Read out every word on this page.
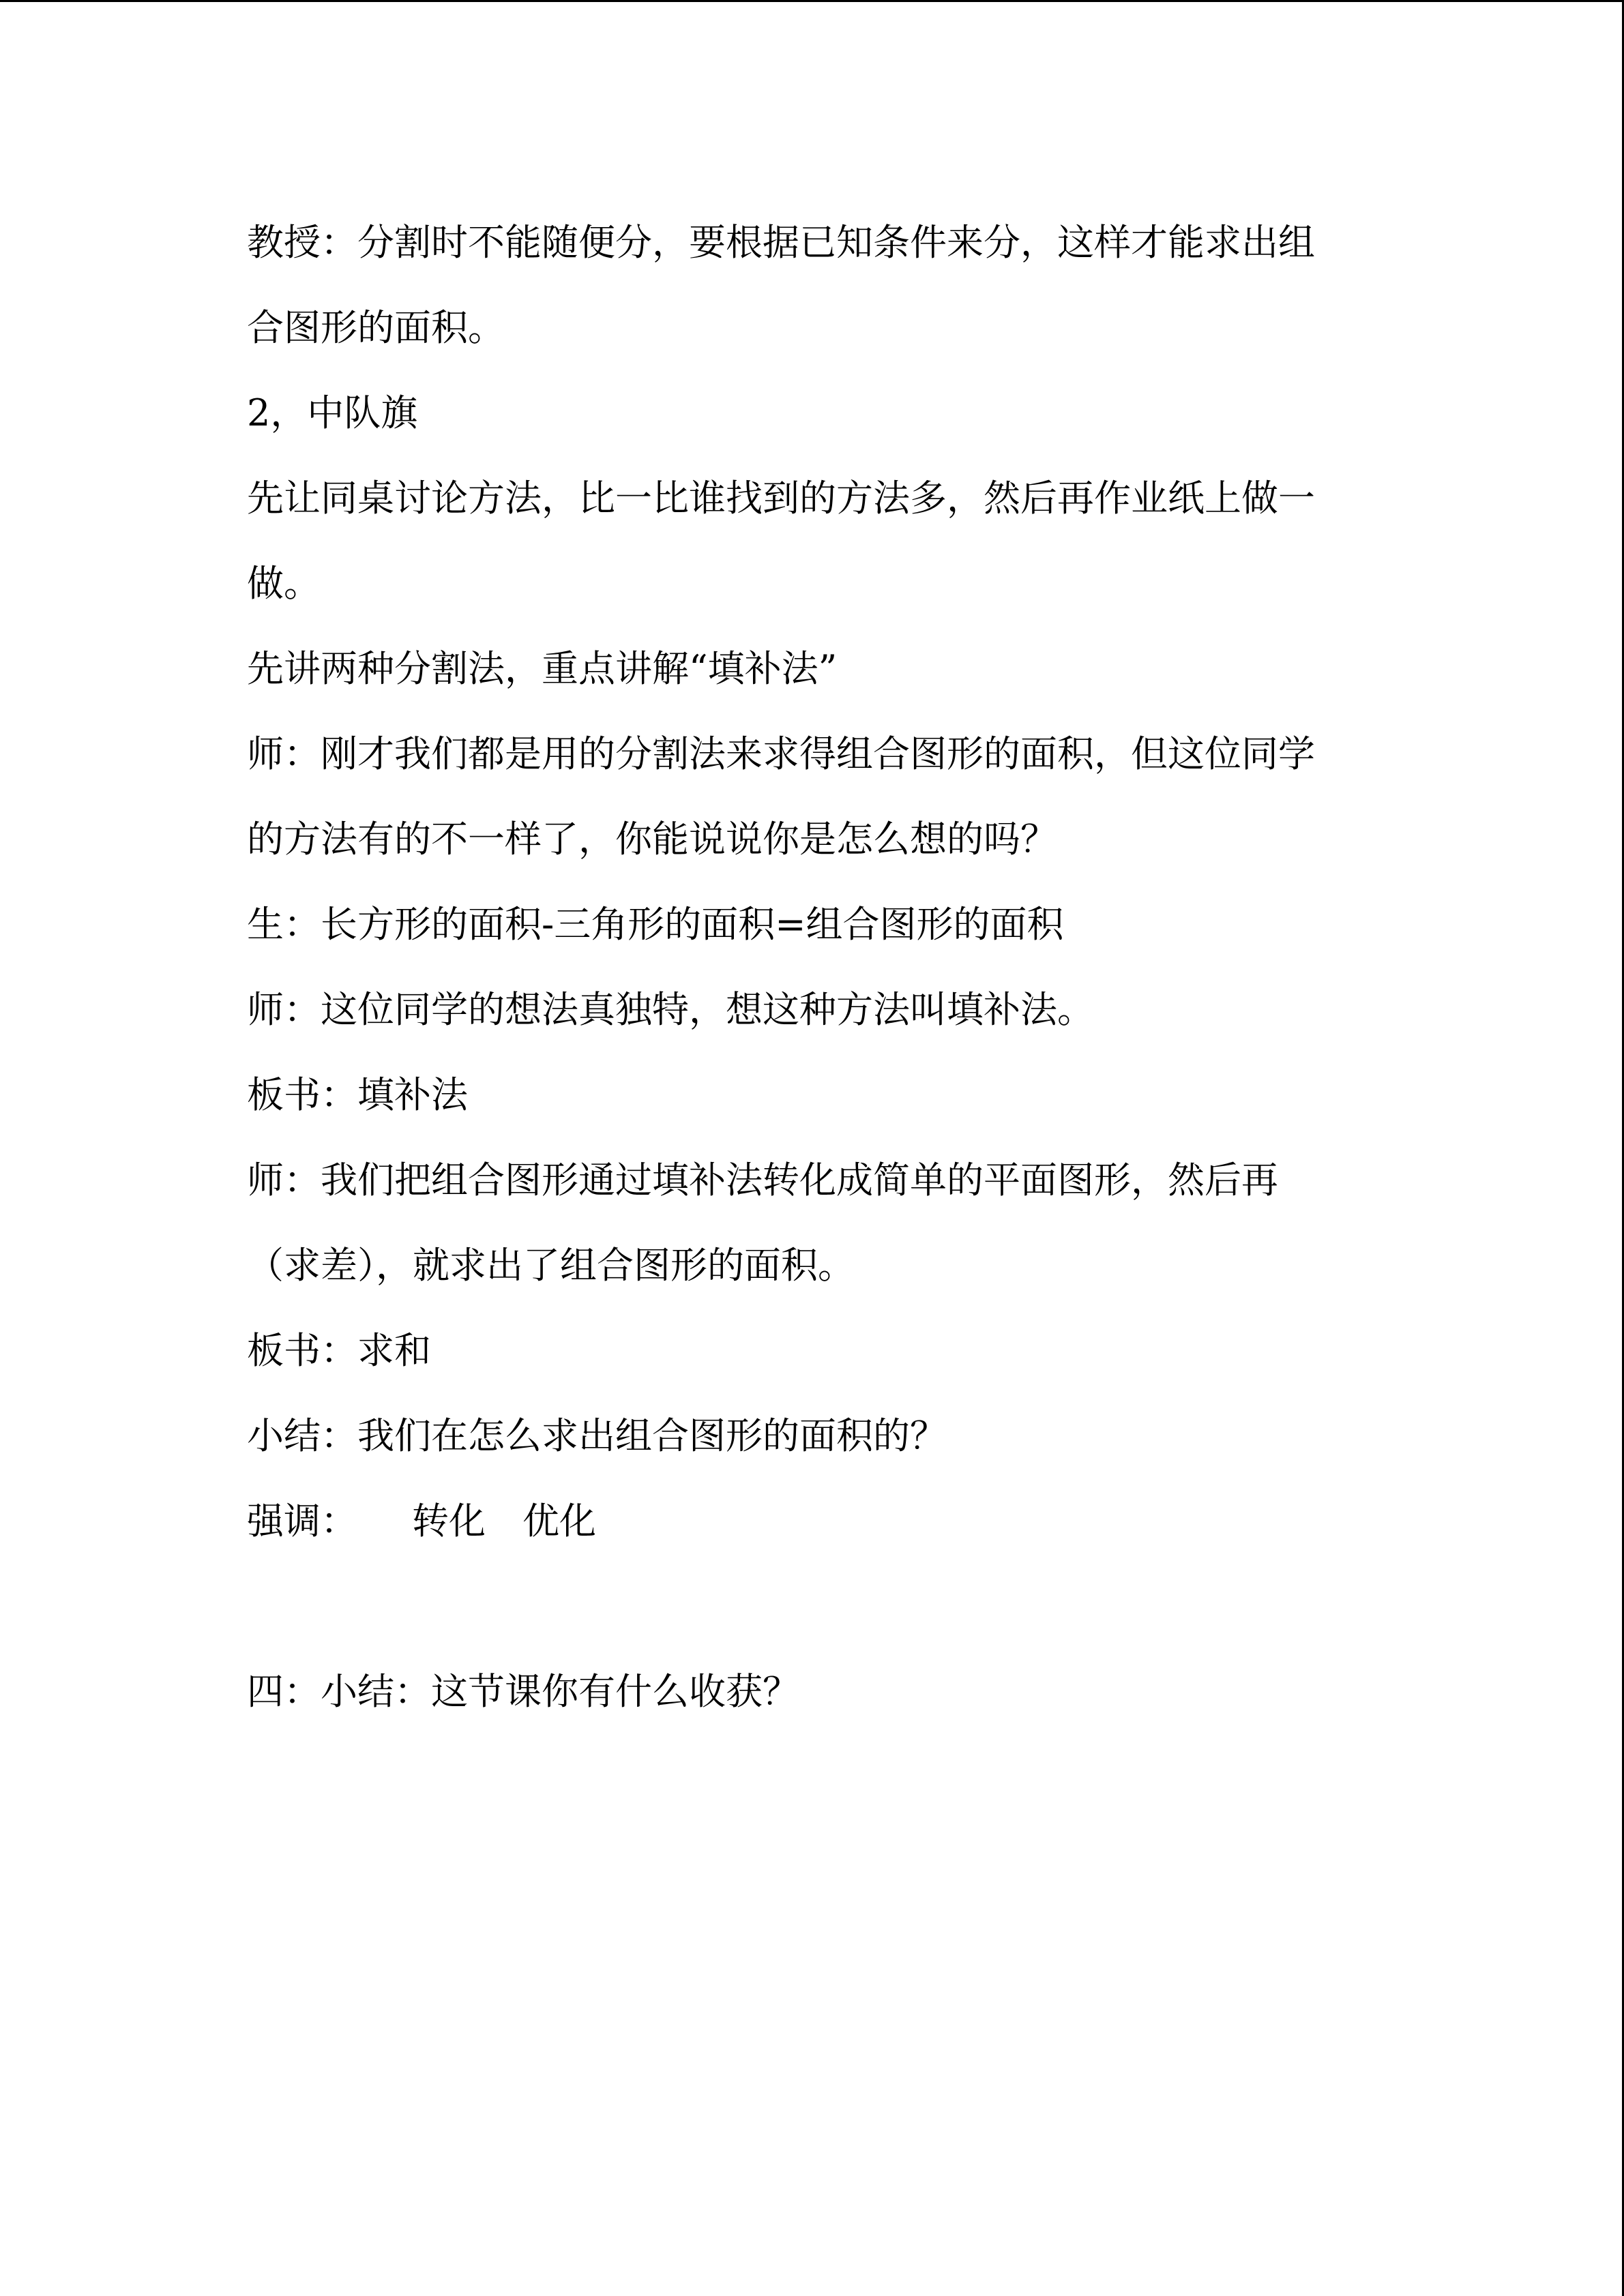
教授：分割时不能随便分，要根据已知条件来分，这样才能求出组
合图形的面积。
2，中队旗
先让同桌讨论方法，比一比谁找到的方法多，然后再作业纸上做一
做。
先讲两种分割法，重点讲解“填补法”
师：刚才我们都是用的分割法来求得组合图形的面积，但这位同学
的方法有的不一样了，你能说说你是怎么想的吗？
生：长方形的面积-三角形的面积=组合图形的面积
师：这位同学的想法真独特，想这种方法叫填补法。
板书：填补法
师：我们把组合图形通过填补法转化成简单的平面图形，然后再
（求差），就求出了组合图形的面积。
板书：求和
小结：我们在怎么求出组合图形的面积的？
强调： 转化 优化
四：小结：这节课你有什么收获？
